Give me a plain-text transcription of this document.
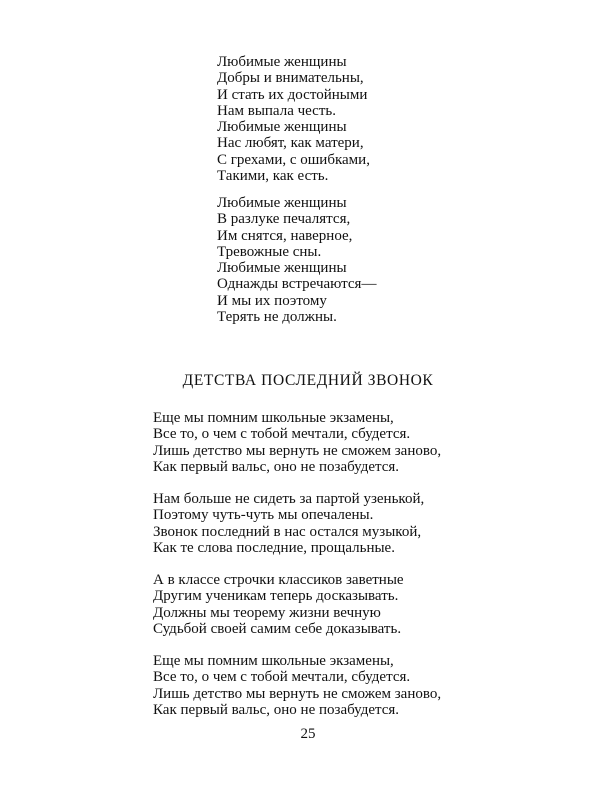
Любимые женщины
Добры и внимательны,
И стать их достойными
Нам выпала честь.
Любимые женщины
Нас любят, как матери,
С грехами, с ошибками,
Такими, как есть.
Любимые женщины
В разлуке печалятся,
Им снятся, наверное,
Тревожные сны.
Любимые женщины
Однажды встречаются—
И мы их поэтому
Терять не должны.
ДЕТСТВА ПОСЛЕДНИЙ ЗВОНОК
Еще мы помним школьные экзамены,
Все то, о чем с тобой мечтали, сбудется.
Лишь детство мы вернуть не сможем заново,
Как первый вальс, оно не позабудется.
Нам больше не сидеть за партой узенькой,
Поэтому чуть-чуть мы опечалены.
Звонок последний в нас остался музыкой,
Как те слова последние, прощальные.
А в классе строчки классиков заветные
Другим ученикам теперь досказывать.
Должны мы теорему жизни вечную
Судьбой своей самим себе доказывать.
Еще мы помним школьные экзамены,
Все то, о чем с тобой мечтали, сбудется.
Лишь детство мы вернуть не сможем заново,
Как первый вальс, оно не позабудется.
25
